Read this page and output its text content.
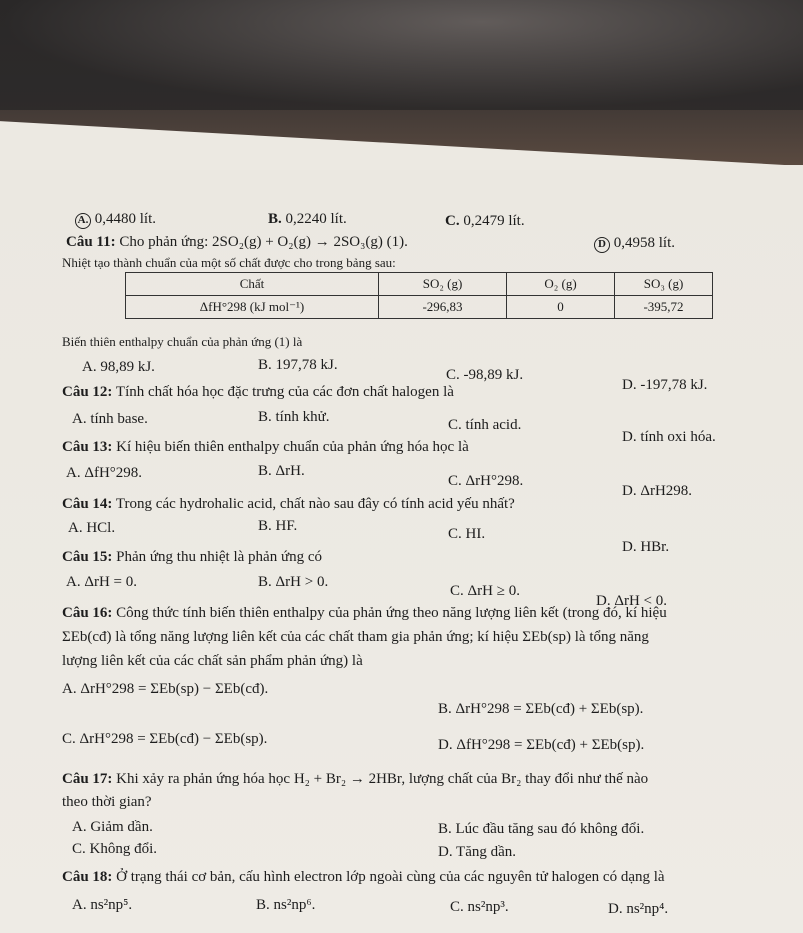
A. 0,4480 lít.	B. 0,2240 lít.	C. 0,2479 lít.
D 0,4958 lít.
Câu 11: Cho phản ứng: 2SO₂(g) + O₂(g) → 2SO₃(g) (1).
Nhiệt tạo thành chuẩn của một số chất được cho trong bảng sau:
Chất	SO₂ (g)	O₂ (g)	SO₃ (g)
ΔfH°298 (kJ mol⁻¹)	-296,83	0	-395,72
Biến thiên enthalpy chuẩn của phản ứng (1) là
A. 98,89 kJ.	B. 197,78 kJ.
C. -98,89 kJ.
D. -197,78 kJ.
Câu 12: Tính chất hóa học đặc trưng của các đơn chất halogen là
A. tính base.	B. tính khử.	C. tính acid.
D. tính oxi hóa.
Câu 13: Kí hiệu biến thiên enthalpy chuẩn của phản ứng hóa học là
A. ΔfH°298.	B. ΔrH.
C. ΔrH°298.
D. ΔrH298.
Câu 14: Trong các hydrohalic acid, chất nào sau đây có tính acid yếu nhất?
A. HCl.	B. HF.	C. HI.
D. HBr.
Câu 15: Phản ứng thu nhiệt là phản ứng có
A. ΔrH = 0.	B. ΔrH > 0.
C. ΔrH ≥ 0.
D. ΔrH < 0.
Câu 16: Công thức tính biến thiên enthalpy của phản ứng theo năng lượng liên kết (trong đó, kí hiệu
ΣEb(cđ) là tổng năng lượng liên kết của các chất tham gia phản ứng; kí hiệu ΣEb(sp) là tổng năng
lượng liên kết của các chất sản phẩm phản ứng) là
A. ΔrH°298 = ΣEb(sp) − ΣEb(cđ).
B. ΔrH°298 = ΣEb(cđ) + ΣEb(sp).
C. ΔrH°298 = ΣEb(cđ) − ΣEb(sp).	D. ΔfH°298 = ΣEb(cđ) + ΣEb(sp).
Câu 17: Khi xảy ra phản ứng hóa học H₂ + Br₂ → 2HBr, lượng chất của Br₂ thay đổi như thế nào
theo thời gian?
A. Giảm dần.	B. Lúc đầu tăng sau đó không đổi.
C. Không đổi.	D. Tăng dần.
Câu 18: Ở trạng thái cơ bản, cấu hình electron lớp ngoài cùng của các nguyên tử halogen có dạng là
A. ns²np⁵.	B. ns²np⁶.	C. ns²np³.	D. ns²np⁴.
